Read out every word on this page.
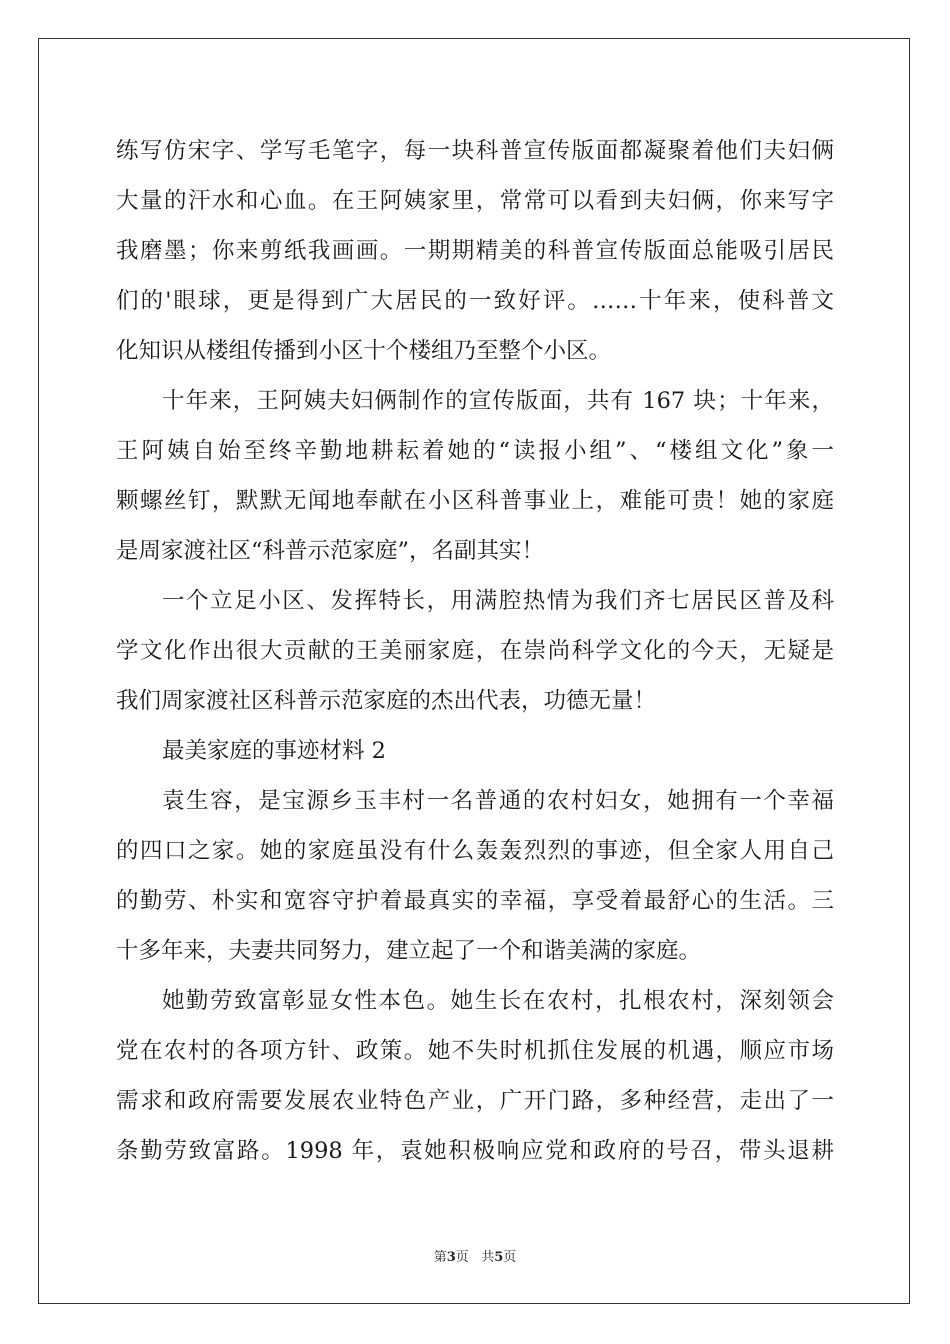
练写仿宋字、学写毛笔字，每一块科普宣传版面都凝聚着他们夫妇俩
大量的汗水和心血。在王阿姨家里，常常可以看到夫妇俩，你来写字
我磨墨；你来剪纸我画画。一期期精美的科普宣传版面总能吸引居民
们的'眼球，更是得到广大居民的一致好评。……十年来，使科普文
化知识从楼组传播到小区十个楼组乃至整个小区。
十年来，王阿姨夫妇俩制作的宣传版面，共有 167 块；十年来，
王阿姨自始至终辛勤地耕耘着她的“读报小组”、“楼组文化”象一
颗螺丝钉，默默无闻地奉献在小区科普事业上，难能可贵！她的家庭
是周家渡社区“科普示范家庭”，名副其实！
一个立足小区、发挥特长，用满腔热情为我们齐七居民区普及科
学文化作出很大贡献的王美丽家庭，在崇尚科学文化的今天，无疑是
我们周家渡社区科普示范家庭的杰出代表，功德无量！
最美家庭的事迹材料 2
袁生容，是宝源乡玉丰村一名普通的农村妇女，她拥有一个幸福
的四口之家。她的家庭虽没有什么轰轰烈烈的事迹，但全家人用自己
的勤劳、朴实和宽容守护着最真实的幸福，享受着最舒心的生活。三
十多年来，夫妻共同努力，建立起了一个和谐美满的家庭。
她勤劳致富彰显女性本色。她生长在农村，扎根农村，深刻领会
党在农村的各项方针、政策。她不失时机抓住发展的机遇，顺应市场
需求和政府需要发展农业特色产业，广开门路，多种经营，走出了一
条勤劳致富路。1998 年，袁她积极响应党和政府的号召，带头退耕
第3页 共5页
